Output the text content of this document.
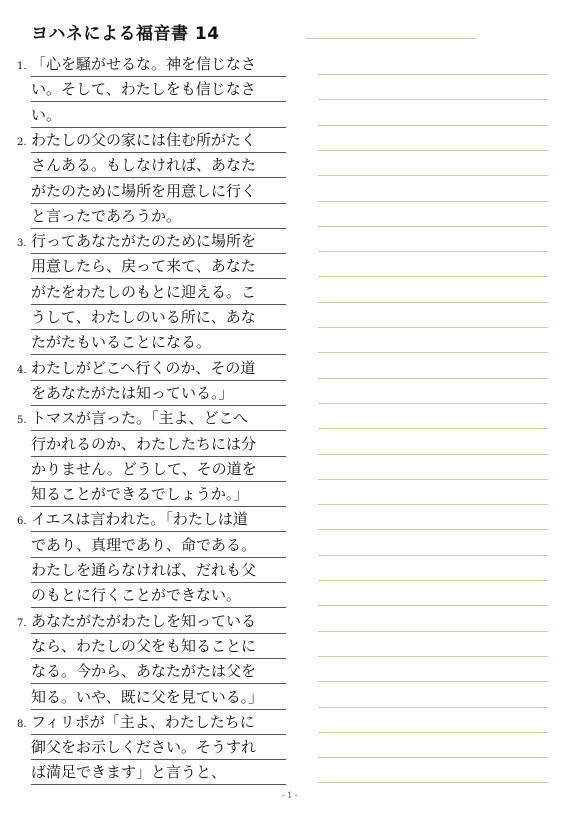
ヨハネによる福音書 14
1. 「心を騒がせるな。神を信じなさ
い。そして、わたしをも信じなさ
い。
2. わたしの父の家には住む所がたく
さんある。もしなければ、あなた
がたのために場所を用意しに行く
と言ったであろうか。
3. 行ってあなたがたのために場所を
用意したら、戻って来て、あなた
がたをわたしのもとに迎える。こ
うして、わたしのいる所に、あな
たがたもいることになる。
4. わたしがどこへ行くのか、その道
をあなたがたは知っている。」
5. トマスが言った。「主よ、どこへ
行かれるのか、わたしたちには分
かりません。どうして、その道を
知ることができるでしょうか。」
6. イエスは言われた。「わたしは道
であり、真理であり、命である。
わたしを通らなければ、だれも父
のもとに行くことができない。
7. あなたがたがわたしを知っている
なら、わたしの父をも知ることに
なる。今から、あなたがたは父を
知る。いや、既に父を見ている。」
8. フィリポが「主よ、わたしたちに
御父をお示しください。そうすれ
ば満足できます」と言うと、
- 1 -
